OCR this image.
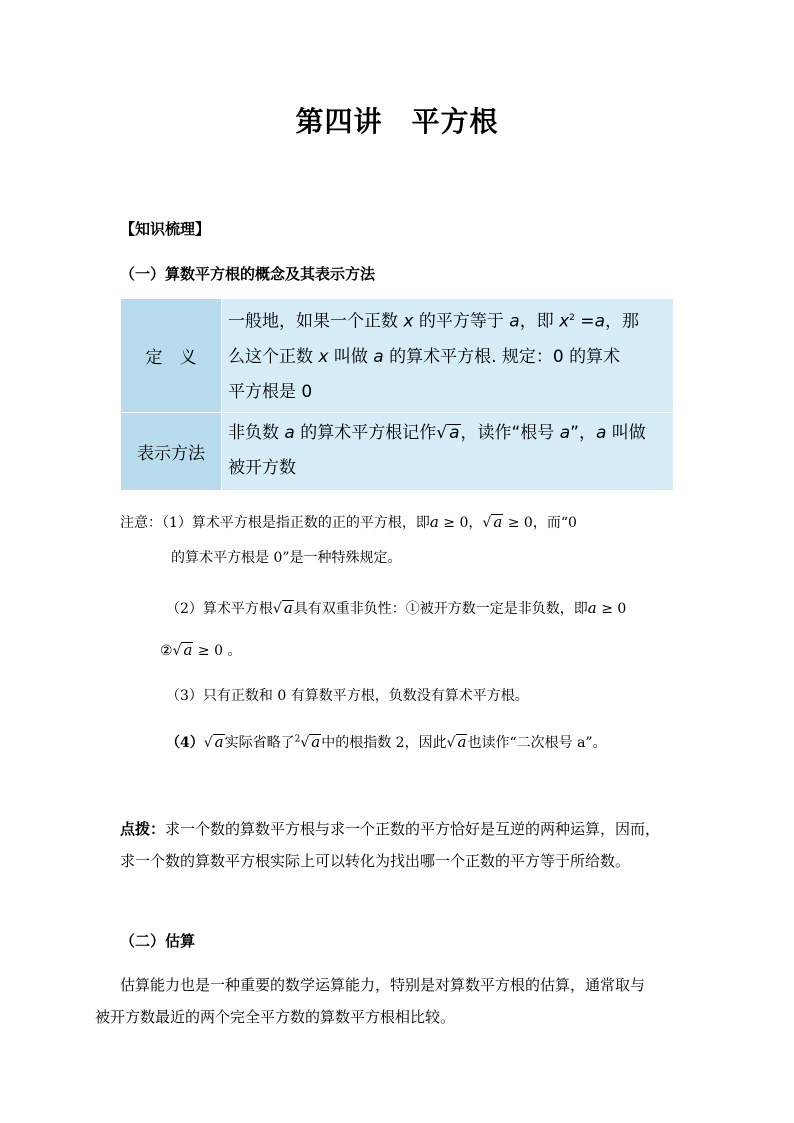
第四讲　平方根
【知识梳理】
（一）算数平方根的概念及其表示方法
定　义	一般地，如果一个正数 x 的平方等于 a，即 $x^2 =a$，那
么这个正数 x 叫做 a 的算术平方根. 规定：0 的算术
平方根是 0

表示方法	非负数 a 的算术平方根记作√ a，读作“根号 a”，a 叫做
被开方数
注意：（1）算术平方根是指正数的正的平方根，即a ≥ 0，√ a ≥ 0，而“0
的算术平方根是 0”是一种特殊规定。
（2）算术平方根√ a具有双重非负性：①被开方数一定是非负数，即a ≥ 0
②√ a ≥ 0 。
（3）只有正数和 0 有算数平方根，负数没有算术平方根。
（4）√ a实际省略了$^2$√ a中的根指数 2，因此√ a也读作“二次根号 a”。
点拨：求一个数的算数平方根与求一个正数的平方恰好是互逆的两种运算，因而，
求一个数的算数平方根实际上可以转化为找出哪一个正数的平方等于所给数。
（二）估算
估算能力也是一种重要的数学运算能力，特别是对算数平方根的估算，通常取与
被开方数最近的两个完全平方数的算数平方根相比较。
